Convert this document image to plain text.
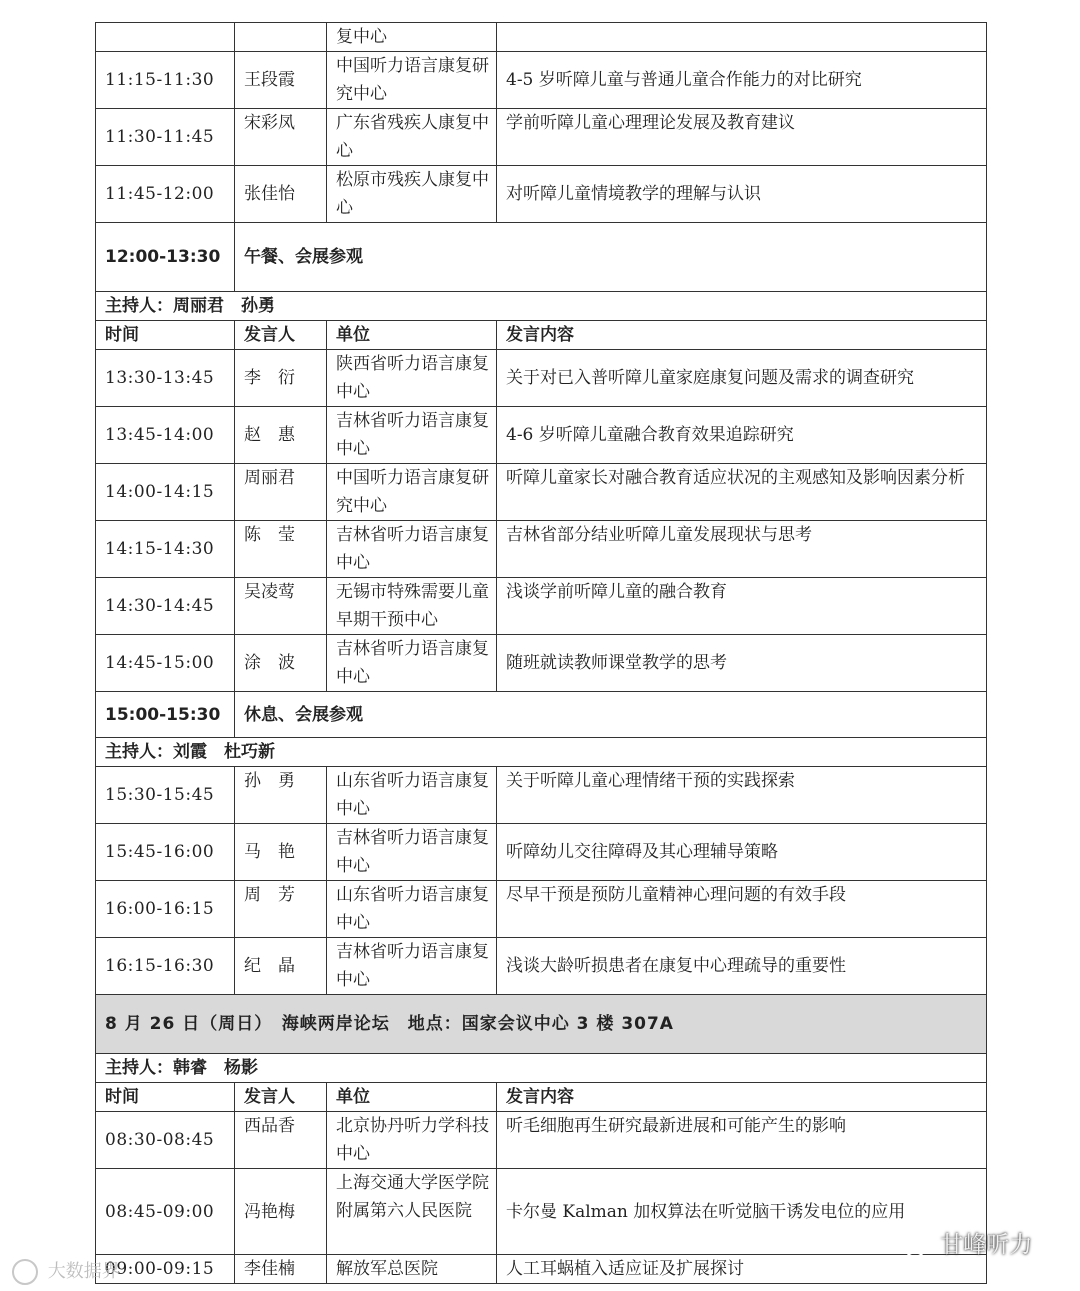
		复中心	
11:15-11:30	王段霞	中国听力语言康复研究中心	4-5 岁听障儿童与普通儿童合作能力的对比研究
11:30-11:45	宋彩凤	广东省残疾人康复中心	学前听障儿童心理理论发展及教育建议
11:45-12:00	张佳怡	松原市残疾人康复中心	对听障儿童情境教学的理解与认识
12:00-13:30	午餐、会展参观		
主持人：周丽君　孙勇			
时间	发言人	单位	发言内容
13:30-13:45	李　衍	陕西省听力语言康复中心	关于对已入普听障儿童家庭康复问题及需求的调查研究
13:45-14:00	赵　惠	吉林省听力语言康复中心	4-6 岁听障儿童融合教育效果追踪研究
14:00-14:15	周丽君	中国听力语言康复研究中心	听障儿童家长对融合教育适应状况的主观感知及影响因素分析
14:15-14:30	陈　莹	吉林省听力语言康复中心	吉林省部分结业听障儿童发展现状与思考
14:30-14:45	吴凌莺	无锡市特殊需要儿童早期干预中心	浅谈学前听障儿童的融合教育
14:45-15:00	涂　波	吉林省听力语言康复中心	随班就读教师课堂教学的思考
15:00-15:30	休息、会展参观		
主持人：刘霞　杜巧新			
15:30-15:45	孙　勇	山东省听力语言康复中心	关于听障儿童心理情绪干预的实践探索
15:45-16:00	马　艳	吉林省听力语言康复中心	听障幼儿交往障碍及其心理辅导策略
16:00-16:15	周　芳	山东省听力语言康复中心	尽早干预是预防儿童精神心理问题的有效手段
16:15-16:30	纪　晶	吉林省听力语言康复中心	浅谈大龄听损患者在康复中心理疏导的重要性
8 月 26 日（周日）　海峡两岸论坛　地点：国家会议中心 3 楼 307A			
主持人：韩睿　杨影			
时间	发言人	单位	发言内容
08:30-08:45	西品香	北京协丹听力学科技中心	听毛细胞再生研究最新进展和可能产生的影响
08:45-09:00	冯艳梅	上海交通大学医学院附属第六人民医院	卡尔曼 Kalman 加权算法在听觉脑干诱发电位的应用
09:00-09:15	李佳楠	解放军总医院	人工耳蜗植入适应证及扩展探讨
大数据界
甘峰听力
